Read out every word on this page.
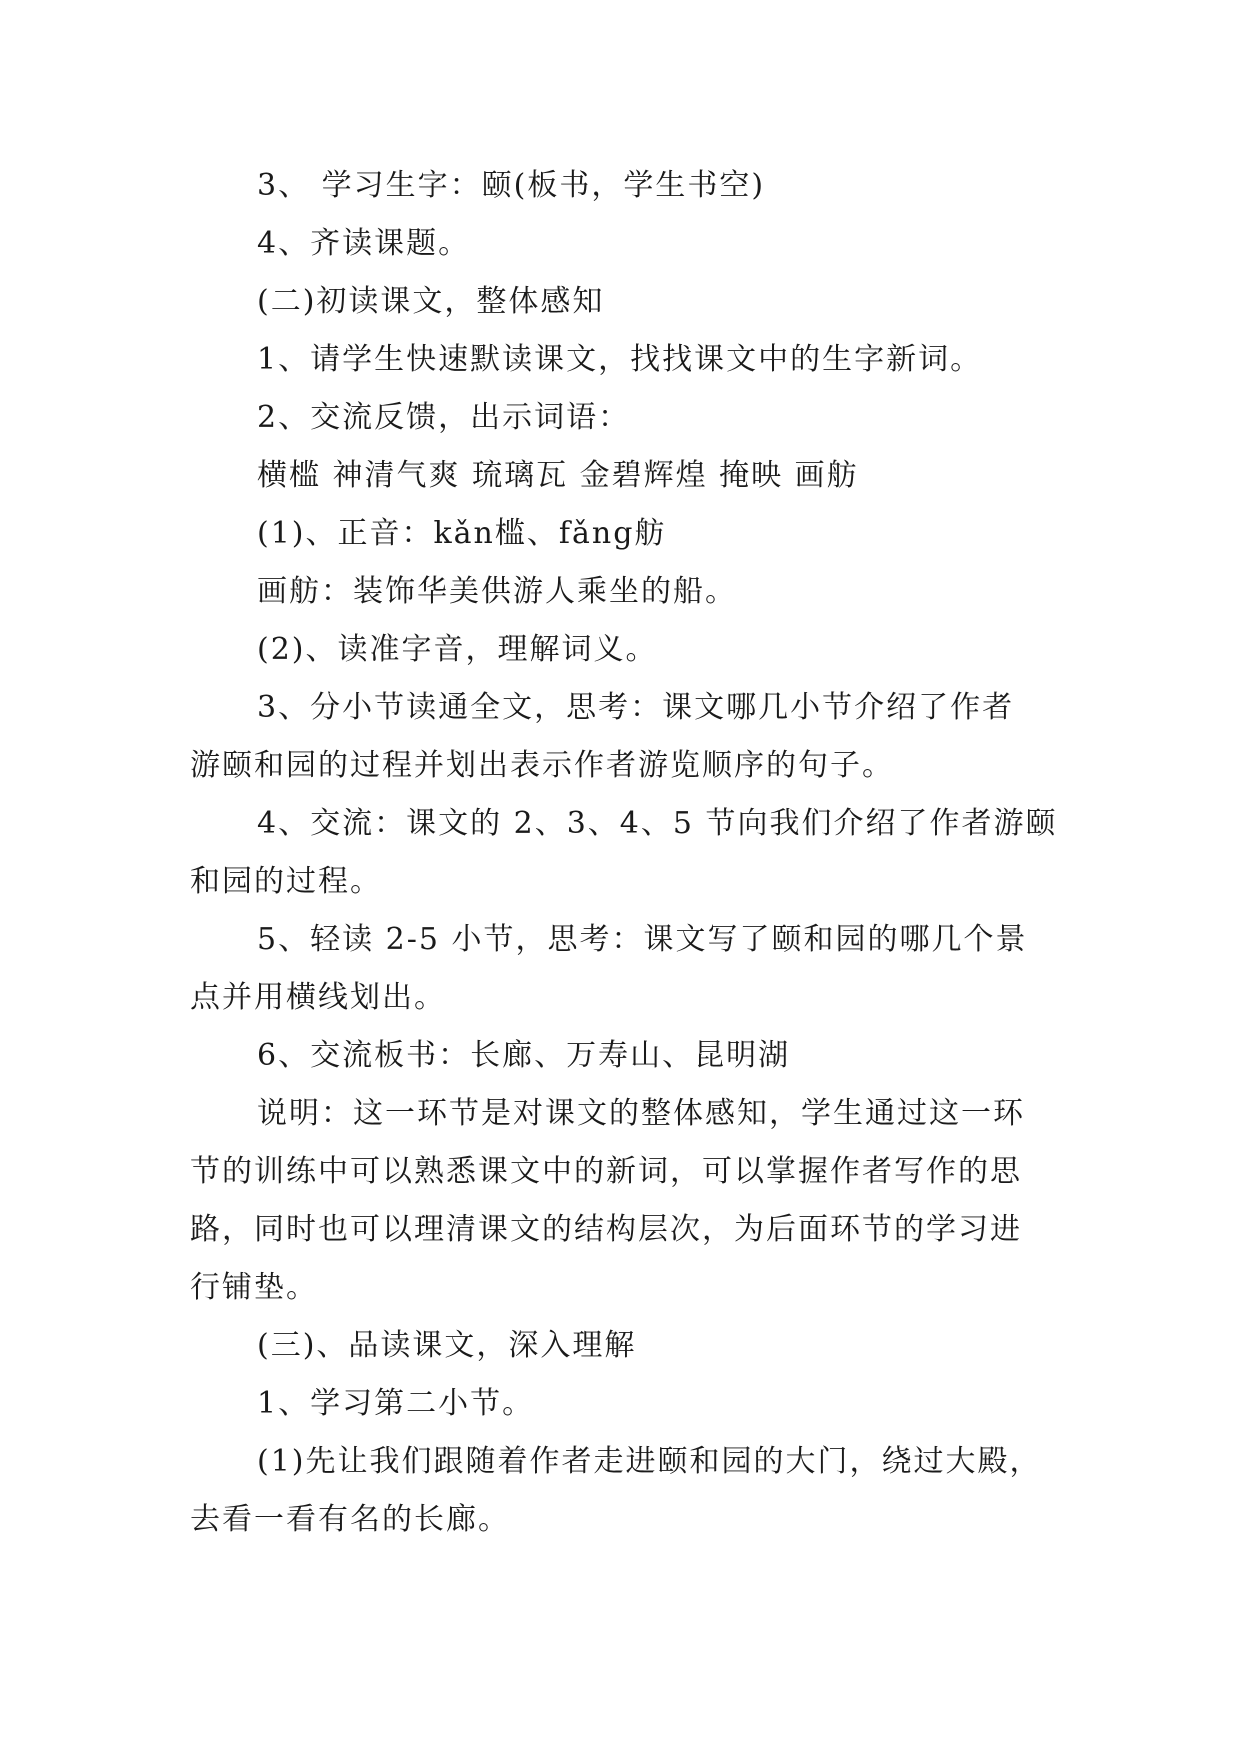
3、 学习生字：颐(板书，学生书空)
4、齐读课题。
(二)初读课文，整体感知
1、请学生快速默读课文，找找课文中的生字新词。
2、交流反馈，出示词语：
横槛 神清气爽 琉璃瓦 金碧辉煌 掩映 画舫
(1)、正音：kǎn槛、fǎng舫
画舫：装饰华美供游人乘坐的船。
(2)、读准字音，理解词义。
3、分小节读通全文，思考：课文哪几小节介绍了作者
游颐和园的过程并划出表示作者游览顺序的句子。
4、交流：课文的 2、3、4、5 节向我们介绍了作者游颐
和园的过程。
5、轻读 2-5 小节，思考：课文写了颐和园的哪几个景
点并用横线划出。
6、交流板书：长廊、万寿山、昆明湖
说明：这一环节是对课文的整体感知，学生通过这一环
节的训练中可以熟悉课文中的新词，可以掌握作者写作的思
路，同时也可以理清课文的结构层次，为后面环节的学习进
行铺垫。
(三)、品读课文，深入理解
1、学习第二小节。
(1)先让我们跟随着作者走进颐和园的大门，绕过大殿，
去看一看有名的长廊。
